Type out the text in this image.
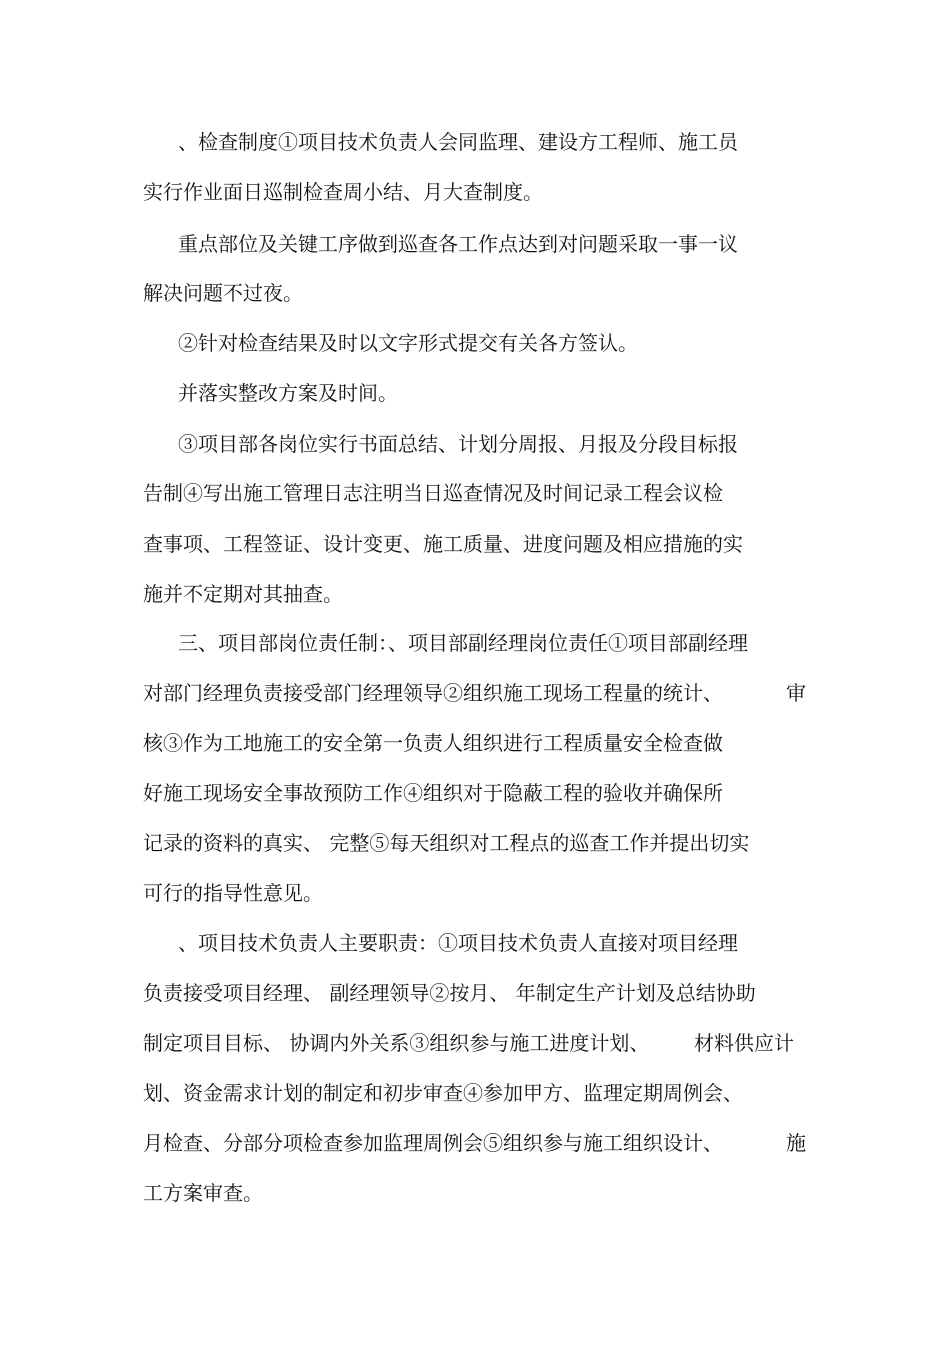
、检查制度①项目技术负责人会同监理、建设方工程师、施工员
实行作业面日巡制检查周小结、月大查制度。
重点部位及关键工序做到巡查各工作点达到对问题采取一事一议
解决问题不过夜。
②针对检查结果及时以文字形式提交有关各方签认。
并落实整改方案及时间。
③项目部各岗位实行书面总结、计划分周报、月报及分段目标报
告制④写出施工管理日志注明当日巡查情况及时间记录工程会议检
查事项、工程签证、设计变更、施工质量、进度问题及相应措施的实
施并不定期对其抽查。
三、项目部岗位责任制：、项目部副经理岗位责任①项目部副经理
对部门经理负责接受部门经理领导②组织施工现场工程量的统计、	审
核③作为工地施工的安全第一负责人组织进行工程质量安全检查做
好施工现场安全事故预防工作④组织对于隐蔽工程的验收并确保所
记录的资料的真实、 完整⑤每天组织对工程点的巡查工作并提出切实
可行的指导性意见。
、项目技术负责人主要职责：①项目技术负责人直接对项目经理
负责接受项目经理、 副经理领导②按月、 年制定生产计划及总结协助
制定项目目标、 协调内外关系③组织参与施工进度计划、 材料供应计
划、资金需求计划的制定和初步审查④参加甲方、监理定期周例会、
月检查、分部分项检查参加监理周例会⑤组织参与施工组织设计、	施
工方案审查。
